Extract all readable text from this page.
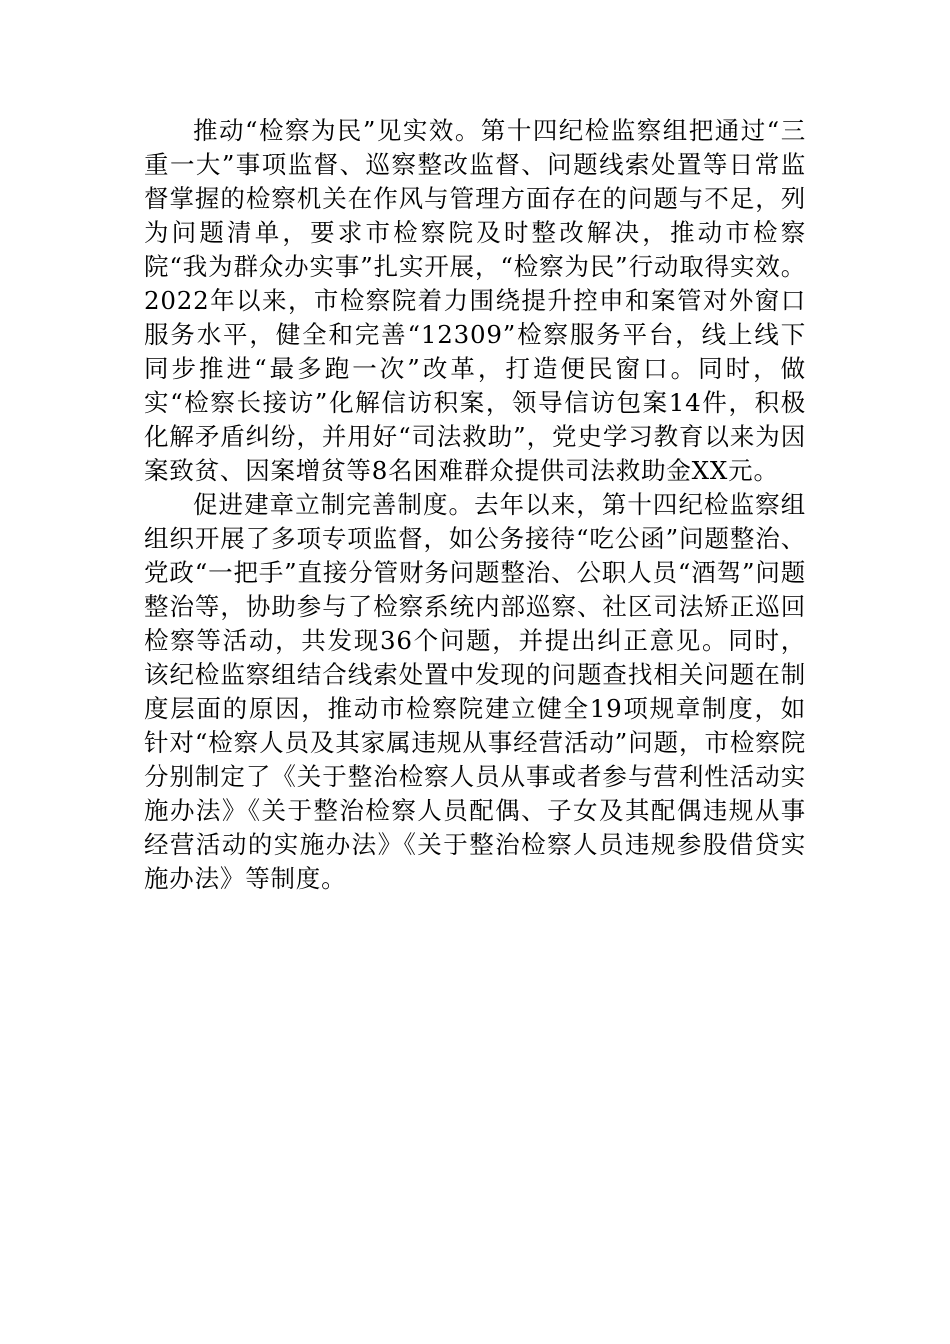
推动“检察为民”见实效。第十四纪检监察组把通过“三重一大”事项监督、巡察整改监督、问题线索处置等日常监督掌握的检察机关在作风与管理方面存在的问题与不足，列为问题清单，要求市检察院及时整改解决，推动市检察院“我为群众办实事”扎实开展，“检察为民”行动取得实效。2022年以来，市检察院着力围绕提升控申和案管对外窗口服务水平，健全和完善“12309”检察服务平台，线上线下同步推进“最多跑一次”改革，打造便民窗口。同时，做实“检察长接访”化解信访积案，领导信访包案14件，积极化解矛盾纠纷，并用好“司法救助”，党史学习教育以来为因案致贫、因案增贫等8名困难群众提供司法救助金XX元。

促进建章立制完善制度。去年以来，第十四纪检监察组组织开展了多项专项监督，如公务接待“吃公函”问题整治、党政“一把手”直接分管财务问题整治、公职人员“酒驾”问题整治等，协助参与了检察系统内部巡察、社区司法矫正巡回检察等活动，共发现36个问题，并提出纠正意见。同时，该纪检监察组结合线索处置中发现的问题查找相关问题在制度层面的原因，推动市检察院建立健全19项规章制度，如针对“检察人员及其家属违规从事经营活动”问题，市检察院分别制定了《关于整治检察人员从事或者参与营利性活动实施办法》《关于整治检察人员配偶、子女及其配偶违规从事经营活动的实施办法》《关于整治检察人员违规参股借贷实施办法》等制度。
